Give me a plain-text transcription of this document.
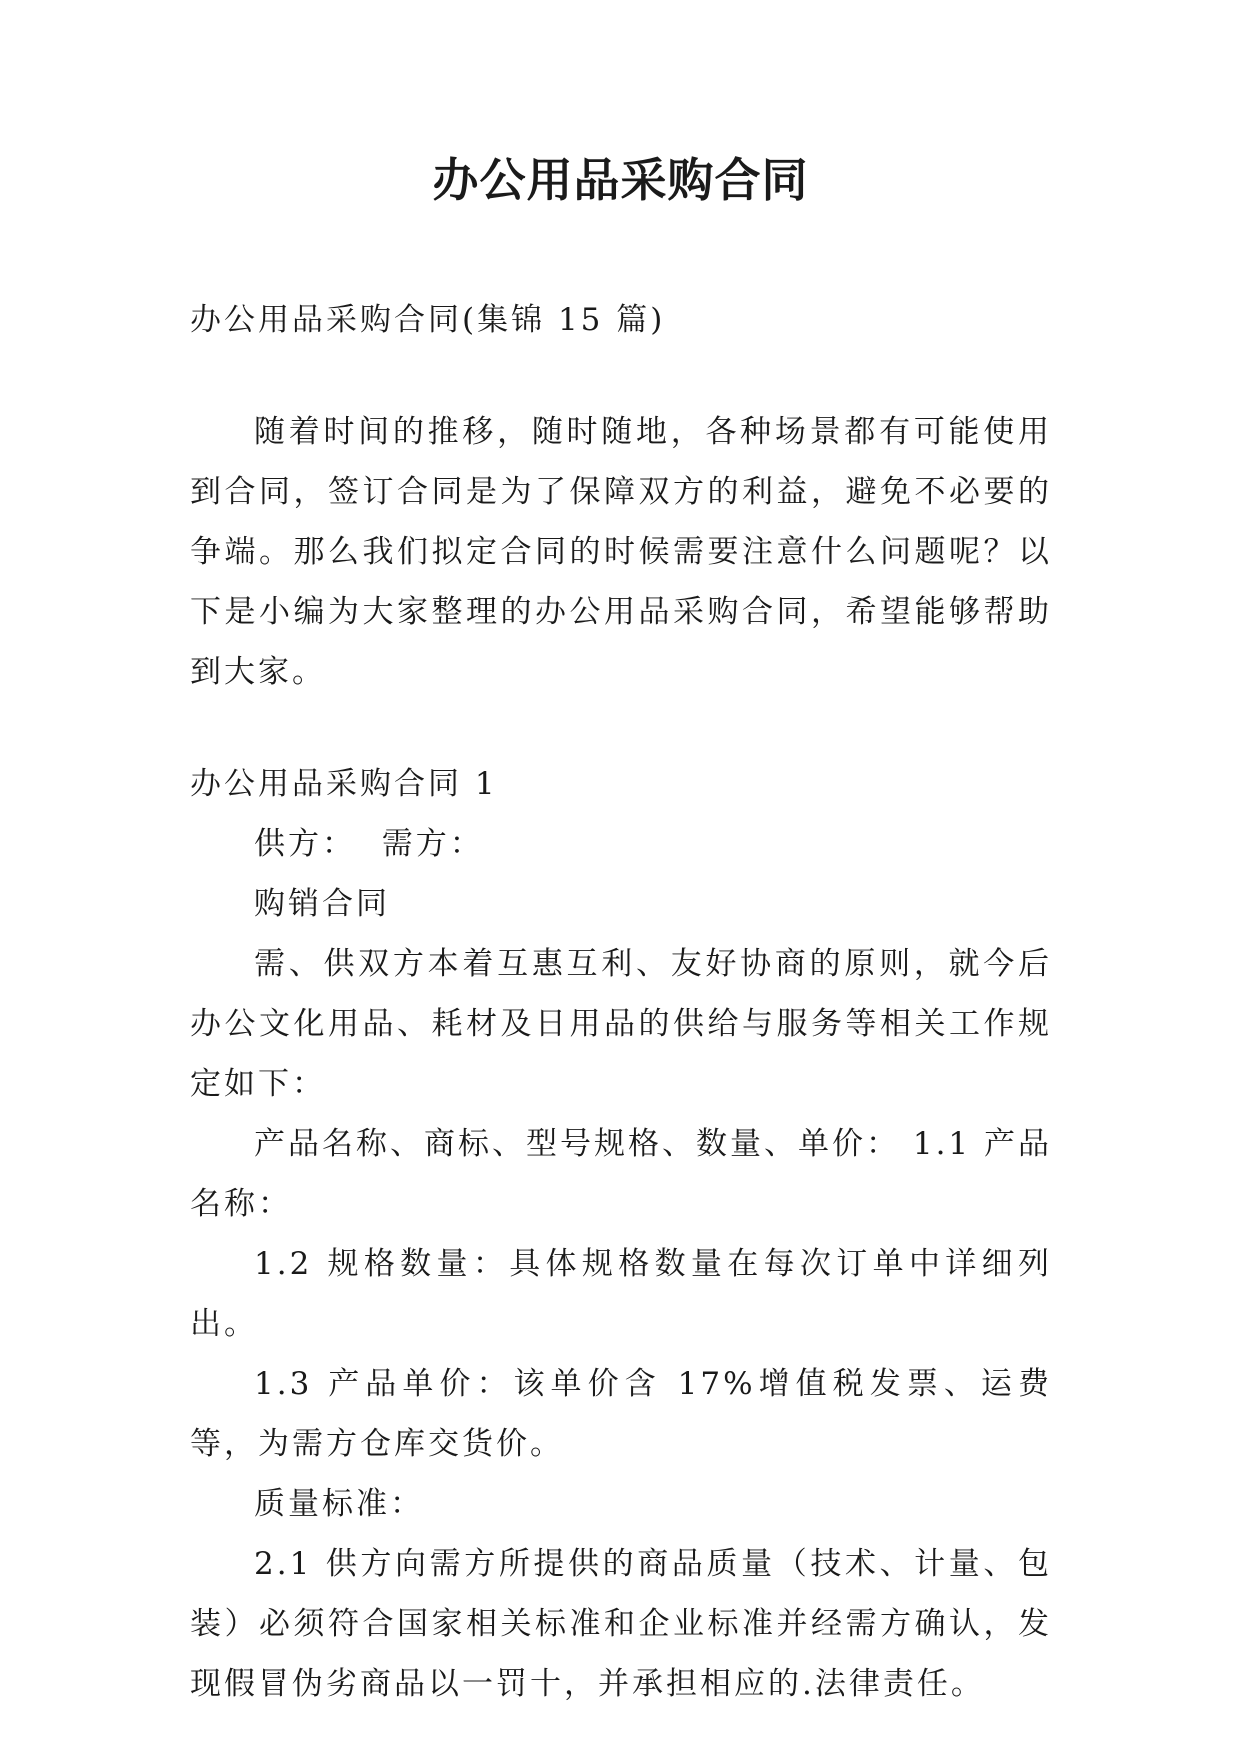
办公用品采购合同

办公用品采购合同(集锦 15 篇)

随着时间的推移，随时随地，各种场景都有可能使用到合同，签订合同是为了保障双方的利益，避免不必要的争端。那么我们拟定合同的时候需要注意什么问题呢？以下是小编为大家整理的办公用品采购合同，希望能够帮助到大家。

办公用品采购合同 1

供方：  需方：

购销合同

需、供双方本着互惠互利、友好协商的原则，就今后办公文化用品、耗材及日用品的供给与服务等相关工作规定如下：

产品名称、商标、型号规格、数量、单价： 1.1 产品名称：

1.2 规格数量：具体规格数量在每次订单中详细列出。

1.3 产品单价：该单价含 17%增值税发票、运费等，为需方仓库交货价。

质量标准：

2.1 供方向需方所提供的商品质量（技术、计量、包装）必须符合国家相关标准和企业标准并经需方确认，发现假冒伪劣商品以一罚十，并承担相应的.法律责任。
